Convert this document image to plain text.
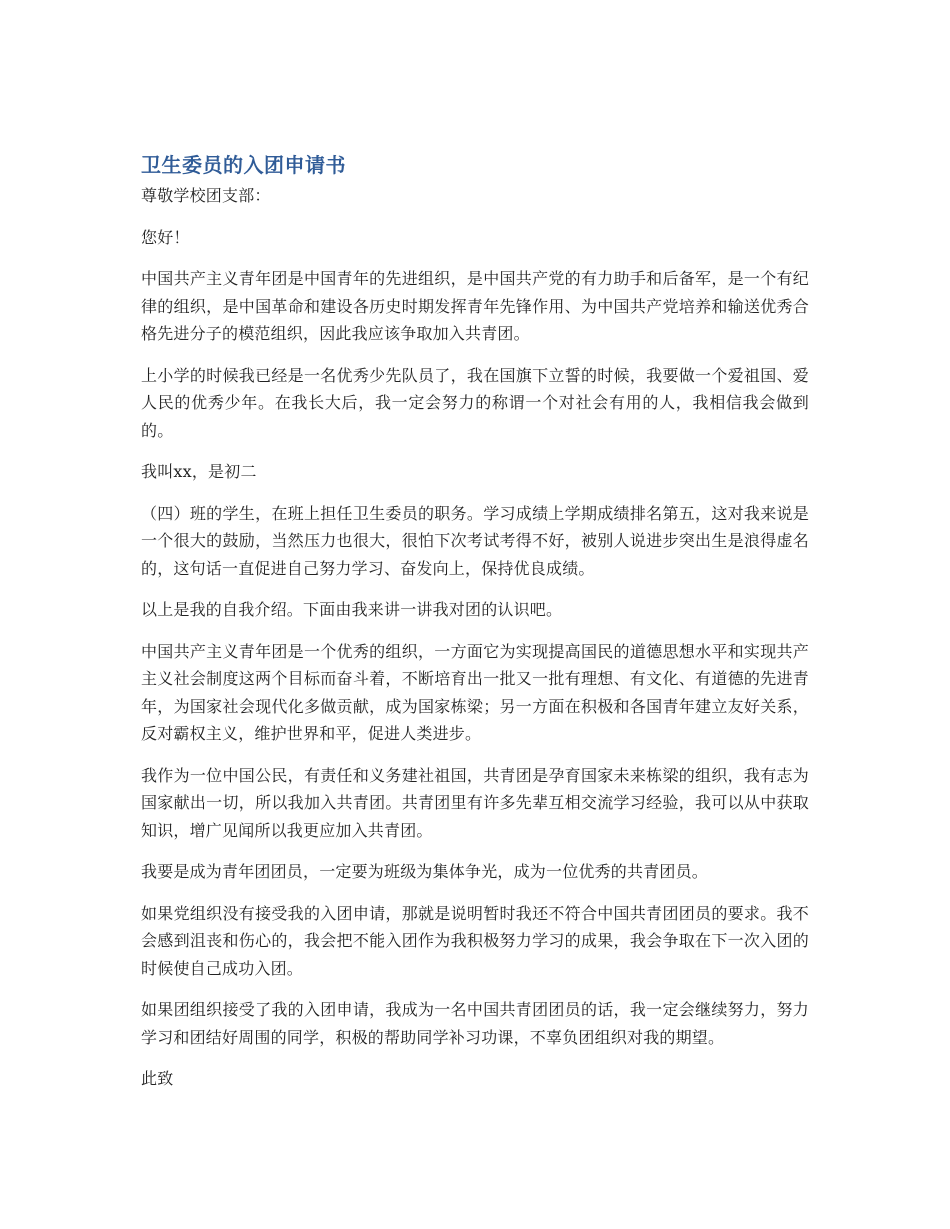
卫生委员的入团申请书

尊敬学校团支部：

您好！

中国共产主义青年团是中国青年的先进组织，是中国共产党的有力助手和后备军，是一个有纪律的组织，是中国革命和建设各历史时期发挥青年先锋作用、为中国共产党培养和输送优秀合格先进分子的模范组织，因此我应该争取加入共青团。

上小学的时候我已经是一名优秀少先队员了，我在国旗下立誓的时候，我要做一个爱祖国、爱人民的优秀少年。在我长大后，我一定会努力的称谓一个对社会有用的人，我相信我会做到的。

我叫xx，是初二

（四）班的学生，在班上担任卫生委员的职务。学习成绩上学期成绩排名第五，这对我来说是一个很大的鼓励，当然压力也很大，很怕下次考试考得不好，被别人说进步突出生是浪得虚名的，这句话一直促进自己努力学习、奋发向上，保持优良成绩。

以上是我的自我介绍。下面由我来讲一讲我对团的认识吧。

中国共产主义青年团是一个优秀的组织，一方面它为实现提高国民的道德思想水平和实现共产主义社会制度这两个目标而奋斗着，不断培育出一批又一批有理想、有文化、有道德的先进青年，为国家社会现代化多做贡献，成为国家栋梁；另一方面在积极和各国青年建立友好关系，反对霸权主义，维护世界和平，促进人类进步。

我作为一位中国公民，有责任和义务建社祖国，共青团是孕育国家未来栋梁的组织，我有志为国家献出一切，所以我加入共青团。共青团里有许多先辈互相交流学习经验，我可以从中获取知识，增广见闻所以我更应加入共青团。

我要是成为青年团团员，一定要为班级为集体争光，成为一位优秀的共青团员。

如果党组织没有接受我的入团申请，那就是说明暂时我还不符合中国共青团团员的要求。我不会感到沮丧和伤心的，我会把不能入团作为我积极努力学习的成果，我会争取在下一次入团的时候使自己成功入团。

如果团组织接受了我的入团申请，我成为一名中国共青团团员的话，我一定会继续努力，努力学习和团结好周围的同学，积极的帮助同学补习功课，不辜负团组织对我的期望。

此致
